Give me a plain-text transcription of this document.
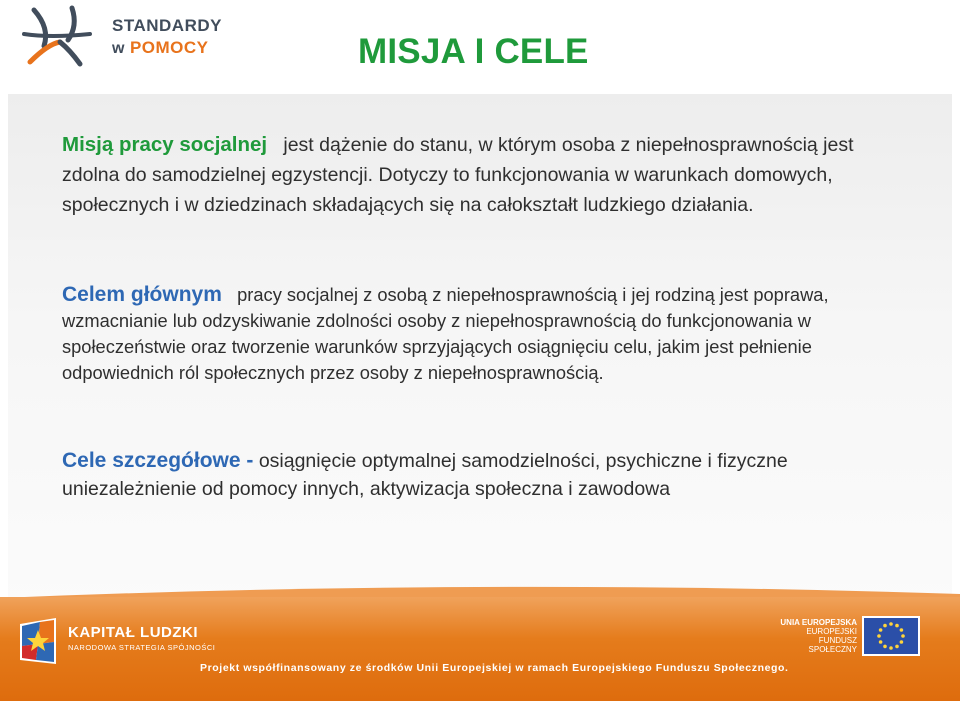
STANDARDY
w POMOCY	MISJA I CELE

Misją pracy socjalnej jest dążenie do stanu, w którym osoba z niepełnosprawnością jest zdolna do samodzielnej egzystencji. Dotyczy to funkcjonowania w warunkach domowych, społecznych i w dziedzinach składających się na całokształt ludzkiego działania.

Celem głównym pracy socjalnej z osobą z niepełnosprawnością i jej rodziną jest poprawa, wzmacnianie lub odzyskiwanie zdolności osoby z niepełnosprawnością do funkcjonowania w społeczeństwie oraz tworzenie warunków sprzyjających osiągnięciu celu, jakim jest pełnienie odpowiednich ról społecznych przez osoby z niepełnosprawnością.

Cele szczegółowe - osiągnięcie optymalnej samodzielności, psychiczne i fizyczne uniezależnienie od pomocy innych, aktywizacja społeczna i zawodowa

KAPITAŁ LUDZKI
NARODOWA STRATEGIA SPÓJNOŚCI
UNIA EUROPEJSKA
EUROPEJSKI
FUNDUSZ SPOŁECZNY
Projekt współfinansowany ze środków Unii Europejskiej w ramach Europejskiego Funduszu Społecznego.
